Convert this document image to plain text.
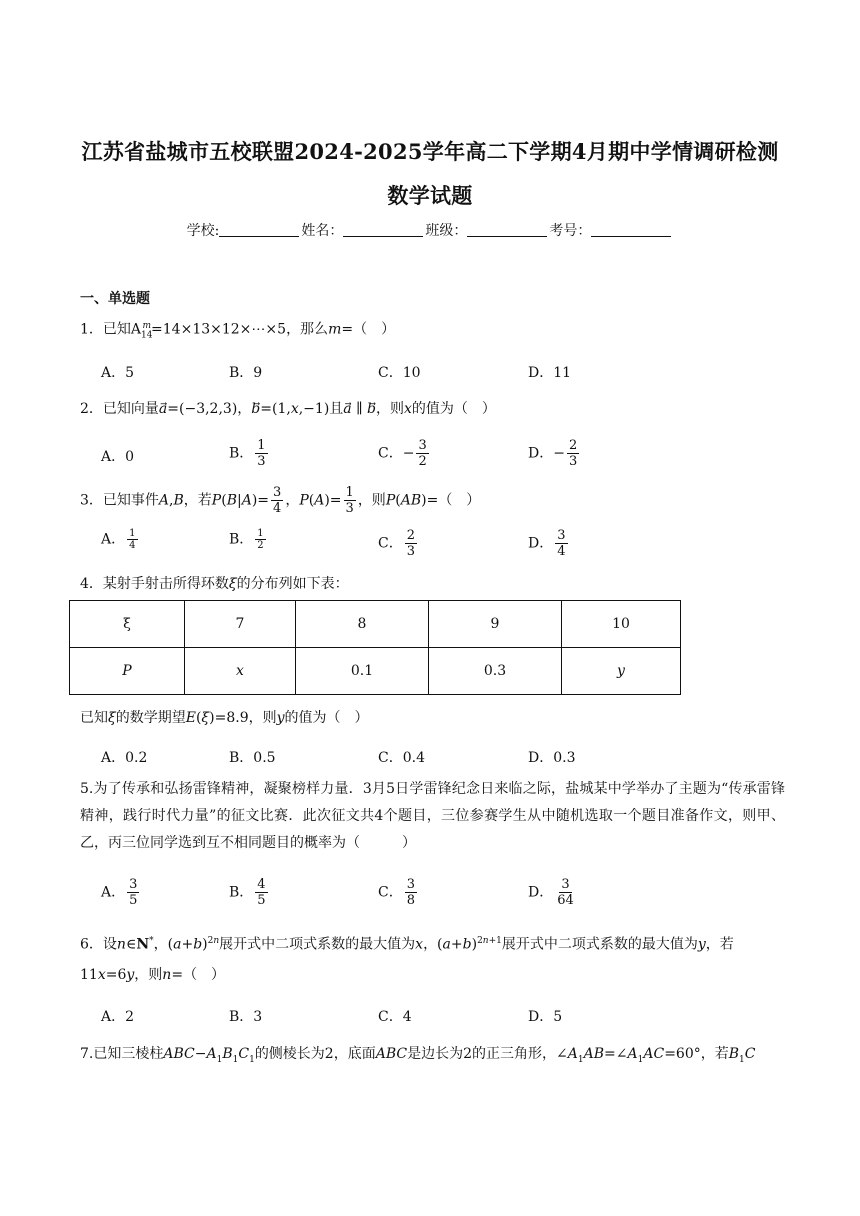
江苏省盐城市五校联盟2024-2025学年高二下学期4月期中学情调研检测
数学试题
学校:	姓名：	班级：	考号：
一、单选题
1．已知$A_{14}^m=14\times 13\times 12\times\cdots\times 5$，那么m=（　）
A．5	B．9	C．10	D．11
2．已知向量a⃗=(−3,2,3)，b⃗=(1,x,−1)且a⃗ ∥ b，则x的值为（　）
A．0	B． $\frac{1}{3}$	C．− $\frac{3}{2}$	D．− $\frac{2}{3}$
3．已知事件A,B，若$P(B|A)= \frac{3}{4}$ ，$P(A)= \frac{1}{3}$ ，则P(AB)=（　）
A． $\frac{1}{4}$	B． $\frac{1}{2}$	C． $\frac{2}{3}$	D． $\frac{3}{4}$
4．某射手射击所得环数ξ的分布列如下表：
ξ	7	8	9	10
P	x	0.1	0.3	y
已知ξ的数学期望E(ξ)=8.9，则y的值为（　）
A．0.2	B．0.5	C．0.4	D．0.3
5.为了传承和弘扬雷锋精神，凝聚榜样力量．3月5日学雷锋纪念日来临之际，盐城某中学举办了主题为“传承雷锋精神，践行时代力量”的征文比赛．此次征文共4个题目，三位参赛学生从中随机选取一个题目准备作文，则甲、乙，丙三位同学选到互不相同题目的概率为（　　　）
A． $\frac{3}{5}$	B． $\frac{4}{5}$	C． $\frac{3}{8}$	D． $\frac{3}{64}$
6．设n∈N*，$(a+b)^{2n}$展开式中二项式系数的最大值为x，$(a+b)^{2n+1}$展开式中二项式系数的最大值为y，若
11x=6y，则n=（　）
A．2	B．3	C．4	D．5
7.已知三棱柱$ABC-A_1B_1C_1$的侧棱长为2，底面ABC是边长为2的正三角形，$\angle A_1AB=\angle A_1AC=60^\circ$，若$B_1C$
